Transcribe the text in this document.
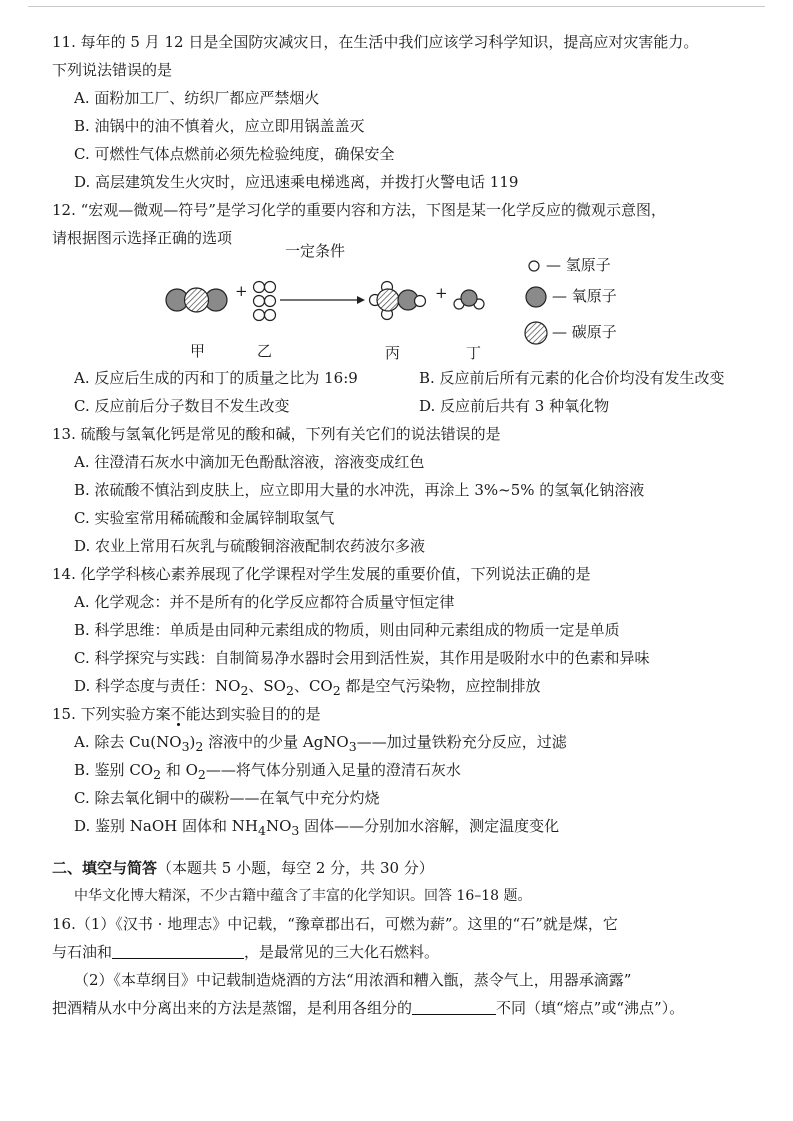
11. 每年的 5 月 12 日是全国防灾减灾日，在生活中我们应该学习科学知识，提高应对灾害能力。
下列说法错误的是
A. 面粉加工厂、纺织厂都应严禁烟火
B. 油锅中的油不慎着火，应立即用锅盖盖灭
C. 可燃性气体点燃前必须先检验纯度，确保安全
D. 高层建筑发生火灾时，应迅速乘电梯逃离，并拨打火警电话 119
12. “宏观—微观—符号”是学习化学的重要内容和方法，下图是某一化学反应的微观示意图，
请根据图示选择正确的选项
一定条件
+	+
甲	乙	丙	丁
— 氢原子
— 氧原子
— 碳原子
A. 反应后生成的丙和丁的质量之比为 16:9	B. 反应前后所有元素的化合价均没有发生改变
C. 反应前后分子数目不发生改变	D. 反应前后共有 3 种氧化物
13. 硫酸与氢氧化钙是常见的酸和碱，下列有关它们的说法错误的是
A. 往澄清石灰水中滴加无色酚酞溶液，溶液变成红色
B. 浓硫酸不慎沾到皮肤上，应立即用大量的水冲洗，再涂上 3%~5% 的氢氧化钠溶液
C. 实验室常用稀硫酸和金属锌制取氢气
D. 农业上常用石灰乳与硫酸铜溶液配制农药波尔多液
14. 化学学科核心素养展现了化学课程对学生发展的重要价值，下列说法正确的是
A. 化学观念：并不是所有的化学反应都符合质量守恒定律
B. 科学思维：单质是由同种元素组成的物质，则由同种元素组成的物质一定是单质
C. 科学探究与实践：自制简易净水器时会用到活性炭，其作用是吸附水中的色素和异味
D. 科学态度与责任：$NO_2$、$SO_2$、$CO_2$ 都是空气污染物，应控制排放
15. 下列实验方案不能达到实验目的的是
A. 除去 $Cu(NO_3)_2$ 溶液中的少量 AgNO$_3$——加过量铁粉充分反应，过滤
B. 鉴别 $CO_2$ 和 $O_2——$将气体分别通入足量的澄清石灰水
C. 除去氧化铜中的碳粉——在氧气中充分灼烧
D. 鉴别 NaOH 固体和 $NH_4NO_3$ 固体——分别加水溶解，测定温度变化
二、填空与简答（本题共 5 小题，每空 2 分，共 30 分）
中华文化博大精深，不少古籍中蕴含了丰富的化学知识。回答 16–18 题。
16.（1）《汉书 · 地理志》中记载，“豫章郡出石，可燃为薪”。这里的“石”就是煤，它
与石油和	，是最常见的三大化石燃料。
（2）《本草纲目》中记载制造烧酒的方法“用浓酒和糟入甑，蒸令气上，用器承滴露”
把酒精从水中分离出来的方法是蒸馏，是利用各组分的	不同（填“熔点”或“沸点”）。
